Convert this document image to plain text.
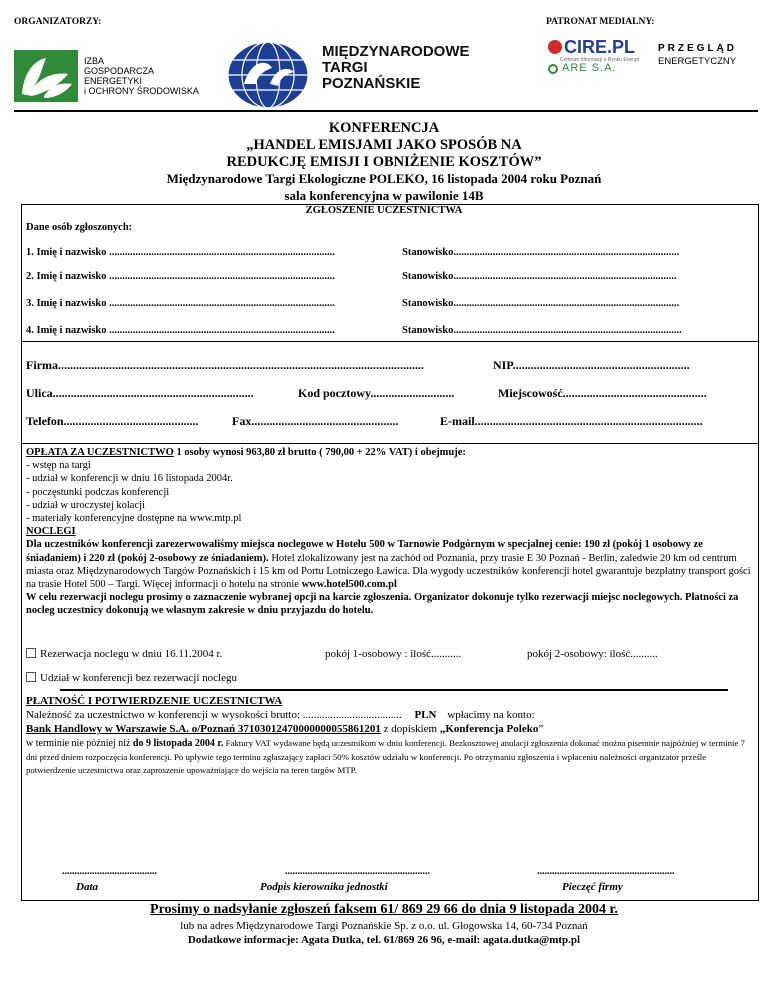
ORGANIZATORZY:	PATRONAT MEDIALNY:
IZBA
GOSPODARCZA
ENERGETYKI
i OCHRONY ŚRODOWISKA
MIĘDZYNARODOWE
TARGI
POZNAŃSKIE
CIRE.PL
Centrum Informacji o Rynku Energii
ARE S.A.
PRZEGLĄD
ENERGETYCZNY
KONFERENCJA
„HANDEL EMISJAMI JAKO SPOSÓB NA
REDUKCJĘ EMISJI I OBNIŻENIE KOSZTÓW”
Międzynarodowe Targi Ekologiczne POLEKO, 16 listopada 2004 roku Poznań
sala konferencyjna w pawilonie 14B
ZGŁOSZENIE UCZESTNICTWA
Dane osób zgłoszonych:
1. Imię i nazwisko ......................................................................................	Stanowisko......................................................................................
2. Imię i nazwisko ......................................................................................	Stanowisko.....................................................................................
3. Imię i nazwisko ......................................................................................	Stanowisko......................................................................................
4. Imię i nazwisko ......................................................................................	Stanowisko.......................................................................................
Firma..........................................................................................................................	NIP...........................................................
Ulica...................................................................	Kod pocztowy............................	Miejscowość................................................
Telefon.............................................	Fax.................................................	E-mail............................................................................
OPŁATA ZA UCZESTNICTWO 1 osoby wynosi 963,80 zł brutto ( 790,00 + 22% VAT) i obejmuje:
- wstęp na targi
- udział w konferencji w dniu 16 listopada 2004r.
- poczęstunki podczas konferencji
- udział w uroczystej kolacji
- materiały konferencyjne dostępne na www.mtp.pl
NOCLEGI
Dla uczestników konferencji zarezerwowaliśmy miejsca noclegowe w Hotelu 500 w Tarnowie Podgórnym w specjalnej cenie: 190 zł (pokój 1 osobowy ze śniadaniem) i 220 zł (pokój 2-osobowy ze śniadaniem). Hotel zlokalizowany jest na zachód od Poznania, przy trasie E 30 Poznań - Berlin, zaledwie 20 km od centrum miasta oraz Międzynarodowych Targów Poznańskich i 15 km od Portu Lotniczego Ławica. Dla wygody uczestników konferencji hotel gwarantuje bezpłatny transport gości na trasie Hotel 500 – Targi. Więcej informacji o hotelu na stronie www.hotel500.com.pl
W celu rezerwacji noclegu prosimy o zaznaczenie wybranej opcji na karcie zgłoszenia. Organizator dokonuje tylko rezerwacji miejsc noclegowych. Płatności za nocleg uczestnicy dokonują we własnym zakresie w dniu przyjazdu do hotelu.
Rezerwacja noclegu w dniu 16.11.2004 r.	pokój 1-osobowy : ilość...........	pokój 2-osobowy: ilość..........
Udział w konferencji bez rezerwacji noclegu
PŁATNOŚĆ I POTWIERDZENIE UCZESTNICTWA
Należność za uczestnictwo w konferencji w wysokości brutto: .................................... PLN wpłacimy na konto:
Bank Handlowy w Warszawie S.A. o/Poznań 37103012470000000055861201 z dopiskiem „Konferencja Poleko”
w terminie nie później niż do 9 listopada 2004 r. Faktury VAT wydawane będą uczestnikom w dniu konferencji. Bezkosztowej anulacji zgłoszenia dokonać można pisemnie najpóźniej w terminie 7 dni przed dniem rozpoczęcia konferencji. Po upływie tego terminu zgłaszający zapłaci 50% kosztów udziału w konferencji. Po otrzymaniu zgłoszenia i wpłaceniu należności organizator prześle potwierdzenie uczestnictwa oraz zaproszenie upoważniające do wejścia na teren targów MTP.
......................................	..........................................................	.......................................................
Data	Podpis kierownika jednostki	Pieczęć firmy
Prosimy o nadsyłanie zgłoszeń faksem 61/ 869 29 66 do dnia 9 listopada 2004 r.
lub na adres Międzynarodowe Targi Poznańskie Sp. z o.o. ul. Głogowska 14, 60-734 Poznań
Dodatkowe informacje: Agata Dutka, tel. 61/869 26 96, e-mail: agata.dutka@mtp.pl
